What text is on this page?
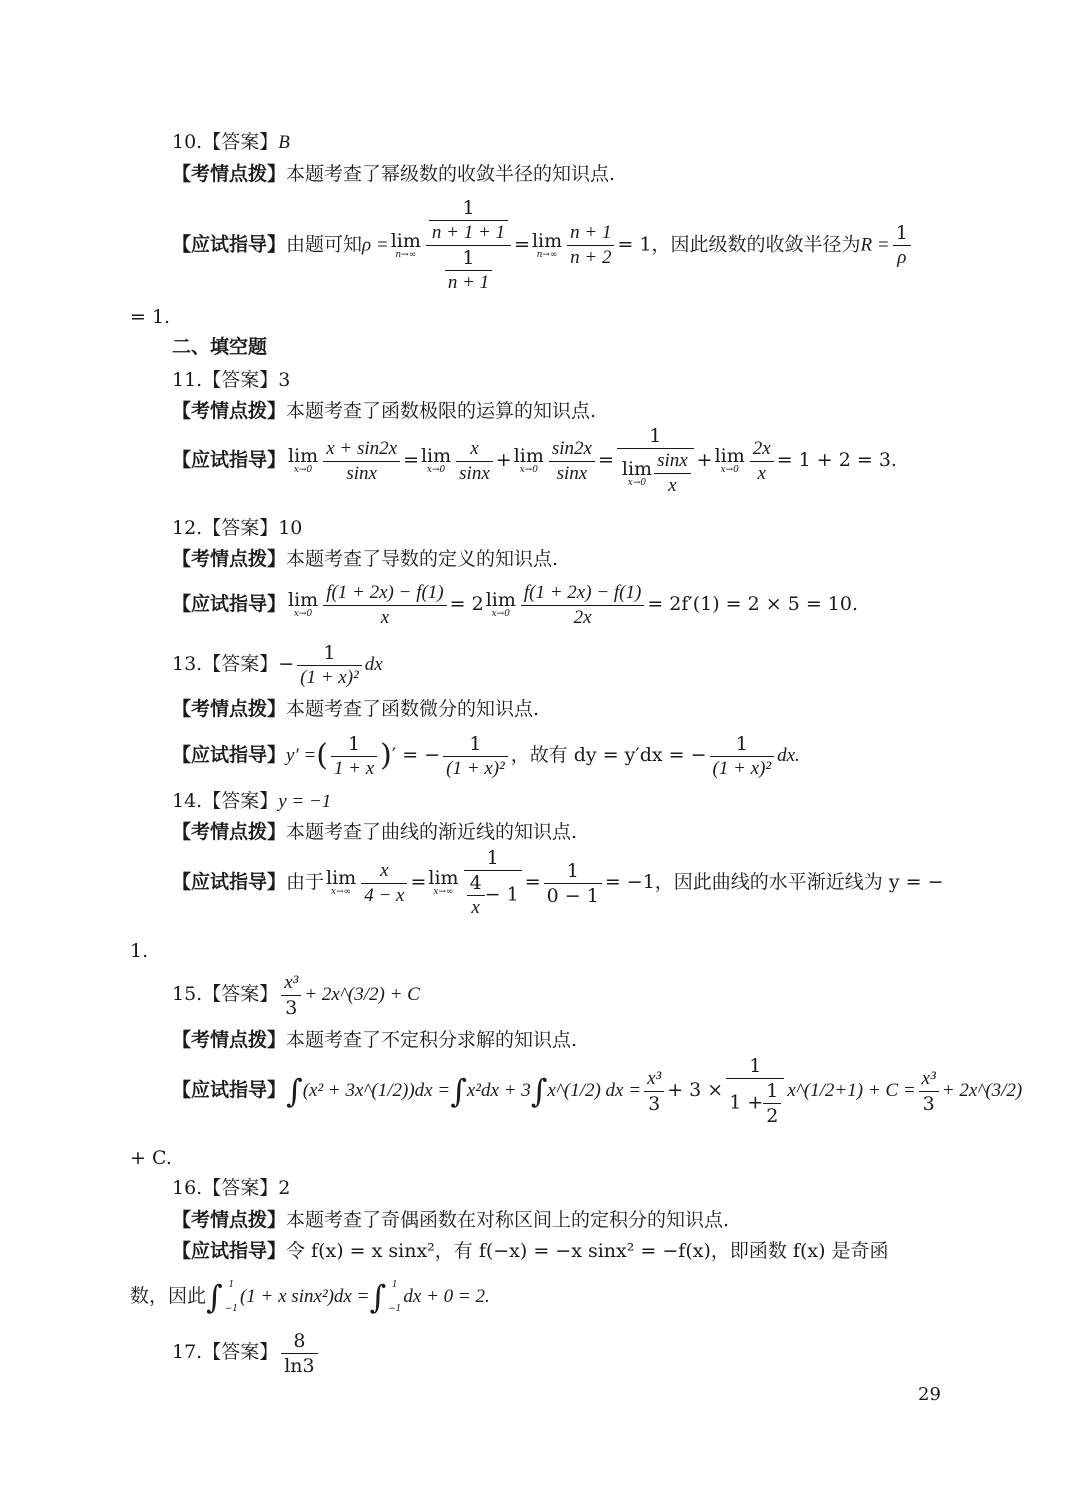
10.【答案】B
【考情点拨】本题考查了幂级数的收敛半径的知识点.
【应试指导】由题可知ρ = lim
$n\to\infty \frac{\frac{1}{n + 1 + 1}}{\frac{1}{n + 1}} = \lim$
$n\to\infty \frac{n + 1}{n + 2} = 1$，因此级数的收敛半径为$R = \frac{1}{\rho}$
= 1.
二、填空题
11.【答案】3
【考情点拨】本题考查了函数极限的运算的知识点.
【应试指导】 lim
$x\to 0 \frac{x + \sin 2x}{\sin x} = \lim$
$x\to 0 \frac{x}{\sin x} + \lim$
$x\to 0 \frac{\sin 2x}{\sin x} = 1$
lim
$x\to 0 \frac{\sin x}{x} + \lim$
$x\to 0 \frac{2x}{x} = 1 + 2 = 3$.
12.【答案】10
【考情点拨】本题考查了导数的定义的知识点.
【应试指导】 lim
$x\to 0 \frac{f(1 + 2x) - f(1)}{x} = 2$ lim
$x\to 0 \frac{f(1 + 2x) - f(1)}{2x} = 2f'(1) = 2 \times 5 = 10$.
13.【答案】− $\frac{1}{\text{(1 + x)²}}$ dx
【考情点拨】本题考查了函数微分的知识点.
【应试指导】y′ =( $\frac{1}{1 + x}$ )′ = − $\frac{1}{\text{(1 + x)²}}$ ，故有 dy = y′dx = − $\frac{1}{\text{(1 + x)²}}$ dx.
14.【答案】y = −1
【考情点拨】本题考查了曲线的渐近线的知识点.
【应试指导】由于 lim
$x\to\infty \frac{x}{4 - x} = \lim$
$x\to\infty \frac{1}{\frac{4}{x} - 1} = \frac{1}{0 - 1} = -1$，因此曲线的水平渐近线为 y = −
1.
15.【答案】 $\frac{\text{x³}}{3}$ + 2x^(3/2) + C
【考情点拨】本题考查了不定积分求解的知识点.
【应试指导】∫(x² + 3x^(1/2))dx =∫x²dx + 3∫x^(1/2) dx = $\frac{\text{x³}}{3} + 3 \times \frac{1}{1 + \frac{1}{2}}$ x^(1/2+1) + $C = \frac{\text{x³}}{3}$ + 2x^(3/2)
+ C.
16.【答案】2
【考情点拨】本题考查了奇偶函数在对称区间上的定积分的知识点.
【应试指导】令 f(x) = x sinx²，有 f(−x) = −x sinx² = −f(x)，即函数 f(x) 是奇函
数，因此∫ 1
−1
(1 + x sinx²)dx =∫ 1
−1
dx + 0 = 2.
17.【答案】 $\frac{8}{\ln 3}$
29
